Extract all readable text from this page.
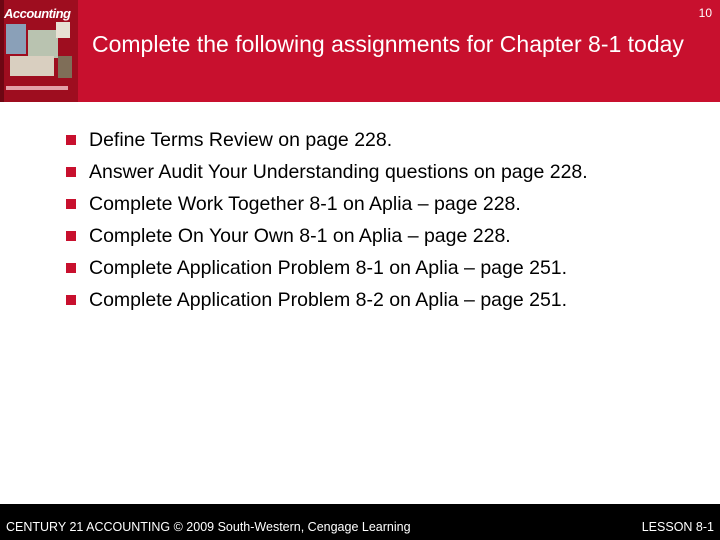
Accounting	10
Complete the following assignments for Chapter 8-1 today
Define Terms Review on page 228.
Answer Audit Your Understanding questions on page 228.
Complete Work Together 8-1 on Aplia – page 228.
Complete On Your Own 8-1 on Aplia – page 228.
Complete Application Problem 8-1 on Aplia – page 251.
Complete Application Problem 8-2 on Aplia – page 251.
CENTURY 21 ACCOUNTING © 2009 South-Western, Cengage Learning	LESSON 8-1
